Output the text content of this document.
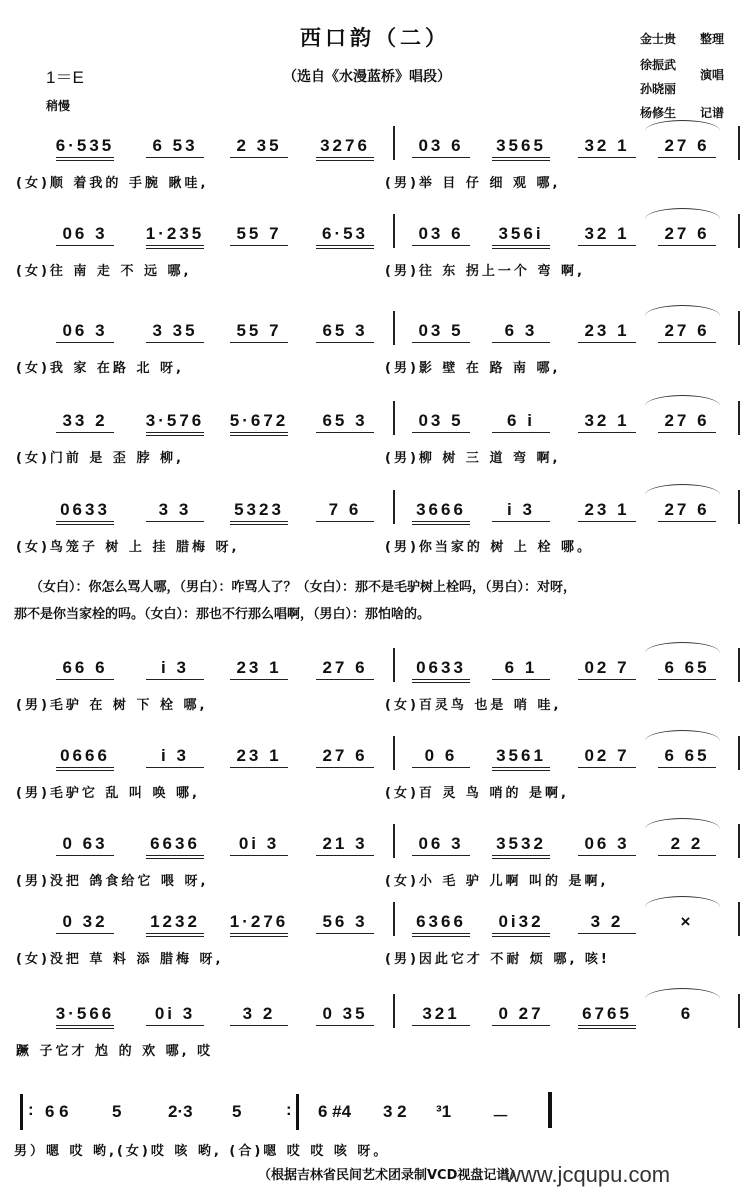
西口韵（二）
（选自《水漫蓝桥》唱段）
1＝E
稍慢
金士贵 整理
徐振武
演唱
孙晓丽
杨修生 记谱
6·535	6 53	2 35	3276	03 6	3565	32 1	27 6
(女)顺 着我的 手腕 瞅哇,	(男)举 目 仔 细 观 哪,
06 3	1·235	55 7	6·53	03 6	356i	32 1	27 6
(女)往 南 走 不 远 哪,	(男)往 东 拐上一个 弯 啊,
06 3	3 35	55 7	65 3	03 5	6 3	23 1	27 6
(女)我 家 在路 北 呀,	(男)影 壁 在 路 南 哪,
33 2	3·576	5·672	65 3	03 5	6 i	32 1	27 6
(女)门前 是 歪 脖 柳,	(男)柳 树 三 道 弯 啊,
0633	3 3	5323	7 6	3666	i 3	23 1	27 6
(女)鸟笼子 树 上 挂 腊梅 呀,	(男)你当家的 树 上 栓 哪。
66 6	i 3	23 1	27 6	0633	6 1	02 7	6 65
(男)毛驴 在 树 下 栓 哪,	(女)百灵鸟 也是 哨 哇,
0666	i 3	23 1	27 6	0 6	3561	02 7	6 65
(男)毛驴它 乱 叫 唤 哪,	(女)百 灵 鸟 哨的 是啊,
0 63	6636	0i 3	21 3	06 3	3532	06 3	2 2
(男)没把 鸽食给它 喂 呀,	(女)小 毛 驴 儿啊 叫的 是啊,
0 32	1232	1·276	56 3	6366	0i32	3 2	×
(女)没把 草 料 添 腊梅 呀,	(男)因此它才 不耐 烦 哪, 咳!
3·566	0i 3	3 2	0 35	321	0 27	6765	6
蹶 子它才 尥 的 欢 哪, 哎
（女白）：你怎么骂人哪，（男白）：咋骂人了？（女白）：那不是毛驴树上栓吗，（男白）：对呀，
那不是你当家栓的吗。（女白）：那也不行那么唱啊，（男白）：那怕啥的。
: 6 6	5	2·3 5	: 6 #4 3 2 ³1 －
男）嗯 哎 哟,(女)哎 咳 哟, (合)嗯 哎 哎 咳 呀。
（根据吉林省民间艺术团录制VCD视盘记谱）
www.jcqupu.com
